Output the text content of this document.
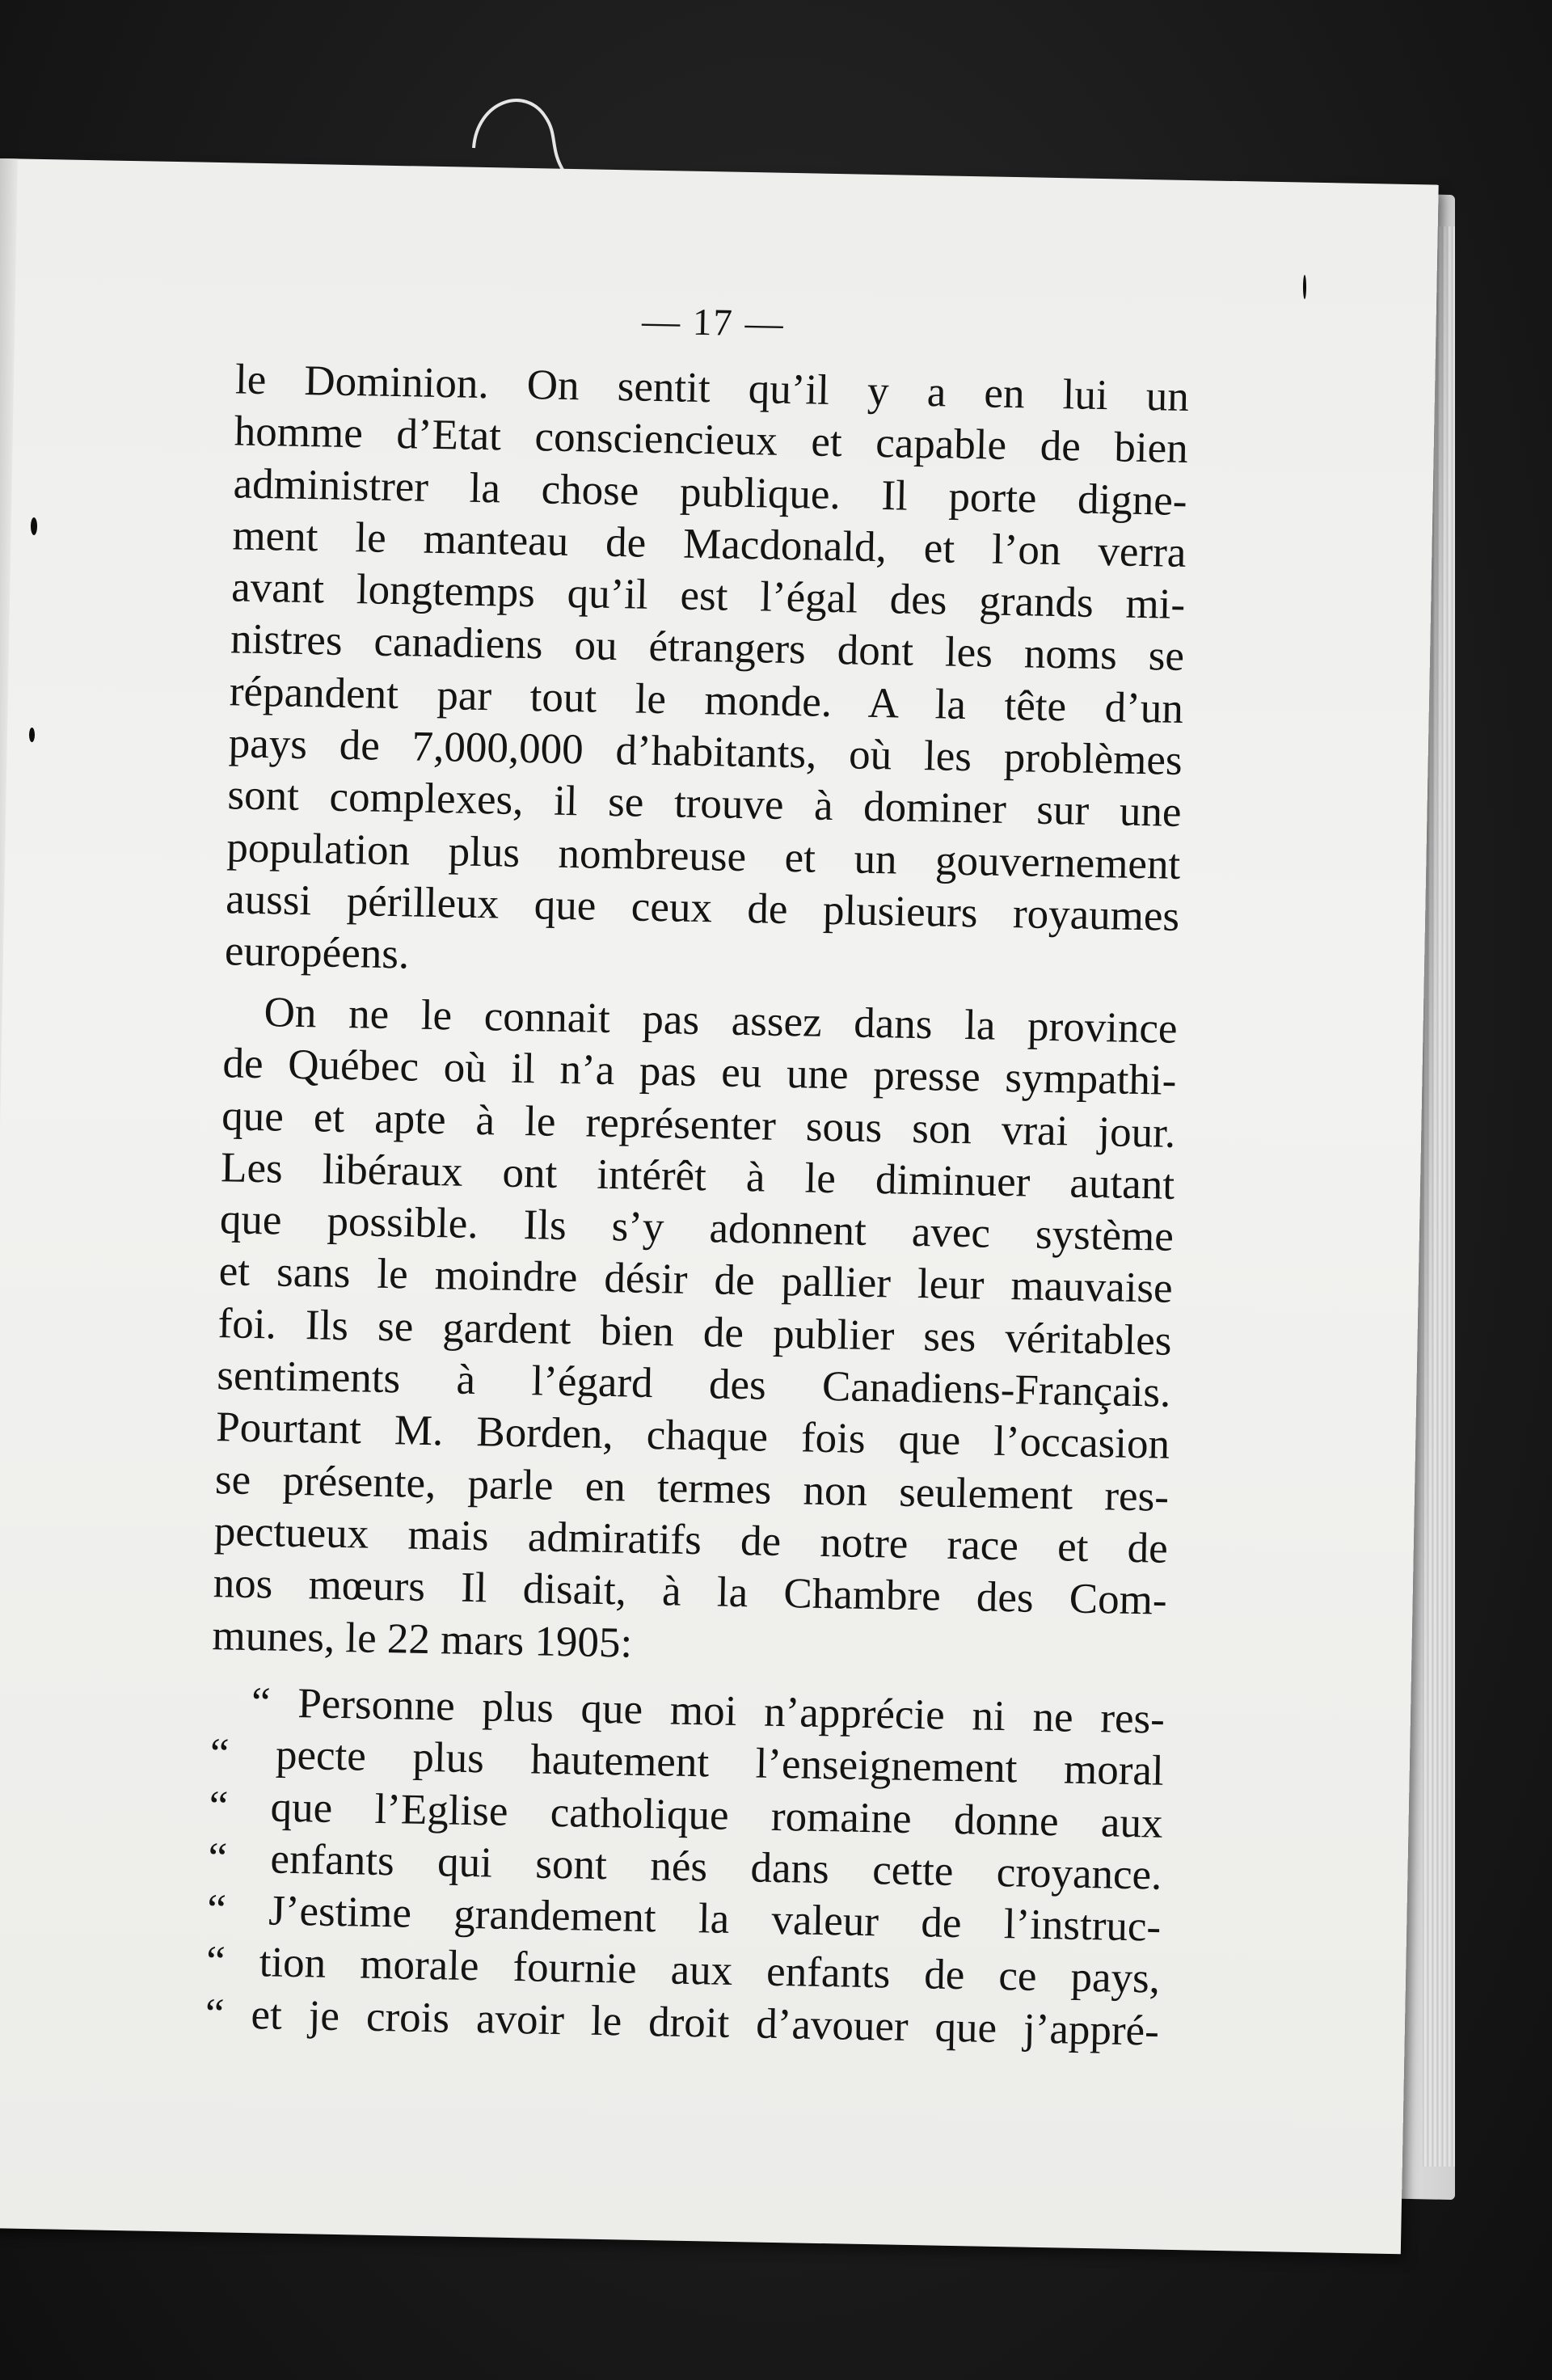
— 17 —
le Dominion. On sentit qu’il y a en lui un
homme d’Etat consciencieux et capable de bien
administrer la chose publique. Il porte digne-
ment le manteau de Macdonald, et l’on verra
avant longtemps qu’il est l’égal des grands mi-
nistres canadiens ou étrangers dont les noms se
répandent par tout le monde. A la tête d’un
pays de 7,000,000 d’habitants, où les problèmes
sont complexes, il se trouve à dominer sur une
population plus nombreuse et un gouvernement
aussi périlleux que ceux de plusieurs royaumes
européens.
On ne le connait pas assez dans la province
de Québec où il n’a pas eu une presse sympathi-
que et apte à le représenter sous son vrai jour.
Les libéraux ont intérêt à le diminuer autant
que possible. Ils s’y adonnent avec système
et sans le moindre désir de pallier leur mauvaise
foi. Ils se gardent bien de publier ses véritables
sentiments à l’égard des Canadiens-Français.
Pourtant M. Borden, chaque fois que l’occasion
se présente, parle en termes non seulement res-
pectueux mais admiratifs de notre race et de
nos mœurs Il disait, à la Chambre des Com-
munes, le 22 mars 1905:
“ Personne plus que moi n’apprécie ni ne res-
“ pecte plus hautement l’enseignement moral
“ que l’Eglise catholique romaine donne aux
“ enfants qui sont nés dans cette croyance.
“ J’estime grandement la valeur de l’instruc-
“ tion morale fournie aux enfants de ce pays,
“ et je crois avoir le droit d’avouer que j’appré-
